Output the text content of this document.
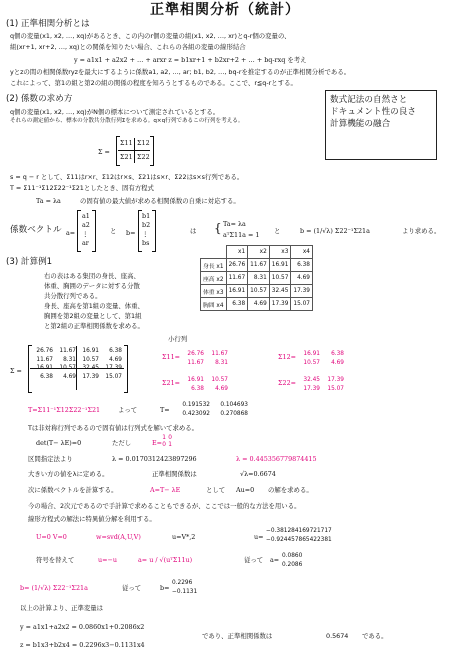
正準相関分析（統計）
(1) 正準相関分析とは
q個の変量(x1, x2, …, xq)があるとき、この内のr個の変量の組(x1, x2, …, xr)とq-r個の変量の、
組(xr+1, xr+2, …, xq)との関係を知りたい場合、これらの各組の変量の線形結合
y = a1x1 + a2x2 + … + arxr z = b1xr+1 + b2xr+2 + … + bq-rxq を考え
yとzの間の相関係数ryzを最大にするように係数a1, a2, …, ar; b1, b2, …, bq-rを推定するのが正準相関分析である。
これによって、第1の組と第2の組の関係の程度を知ろうとするものである。ここで、r≦q-rとする。
(2) 係数の求め方
q個の変量(x1, x2, …, xq)がN個の標本について測定されているとする。
それらの測定値から、標本の分散共分散行列Σを求める。q×q行列であるこの行列を考える。
Σ =
Σ11 Σ12
Σ21 Σ22
s = q − r として、Σ11はr×r、Σ12はr×s、Σ21はs×r、Σ22はs×s行列である。
T = Σ11⁻¹Σ12Σ22⁻¹Σ21としたとき、固有方程式
Ta = λa	の固有値の最大値が求める相関係数の自乗に対応する。
係数ベクトル a=
a1
a2
⋮
ar
と b=
b1
b2
⋮
bs
は { Ta= λa
aᵀΣ11a = 1 と	b = (1/√λ) Σ22⁻¹Σ21a	より求める。
数式記法の自然さと
ドキュメント性の良さ
計算機能の融合
(3) 計算例1
右の表はある集団の身長、座高、
体重、胸囲のデータに対する分散
共分散行列である。
身長、座高を第1組の変量、体重、
胸囲を第2組の変量として、第1組
と第2組の正準相関係数を求める。
	x1	x2	x3	x4
身長 x1	26.76	11.67	16.91	6.38
座高 x2	11.67	8.31	10.57	4.69
体重 x3	16.91	10.57	32.45	17.39
胸囲 x4	6.38	4.69	17.39	15.07
小行列
Σ =
26.76 11.67 16.91 6.38
11.67 8.31 10.57 4.69
16.91 10.57 32.45 17.39
6.38 4.69 17.39 15.07
Σ11=	26.76 11.67
11.67 8.31
Σ12=	16.91 6.38
10.57 4.69
Σ21=	16.91 10.57
6.38 4.69
Σ22=	32.45 17.39
17.39 15.07
T=Σ11⁻¹Σ12Σ22⁻¹Σ21	よって	T=
0.191532 0.104693
0.423092 0.270868
Tは非対称行列であるので固有値は行列式を解いて求める。
det(T− λE)=0	ただし	E=
1 0
0 1
区間指定法より	λ = 0.0170312423897296	λ = 0.445356779874415
大きい方の値をλに定める。	正準相関係数は	√λ=0.6674
次に係数ベクトルを計算する。	A=T− λE	として Au=0 の解を求める。
今の場合、2次元であるので手計算で求めることもできるが、ここでは一般的な方法を用いる。
線形方程式の解法に特異値分解を利用する。
U=0 V=0	w=svd(A,U,V)	u=V*,2	u=
−0.381284169721717
−0.924457865422381
符号を替えて	u=−u	a= u / √(uᵀΣ11u)	従って a= 0.0860
0.2086
b= (1/√λ) Σ22⁻¹Σ21a	従って	b=
0.2296
−0.1131
以上の計算より、正準変量は
y = a1x1+a2x2 = 0.0860x1+0.2086x2
z = b1x3+b2x4 = 0.2296x3−0.1131x4
であり、正準相関係数は	0.5674 である。
